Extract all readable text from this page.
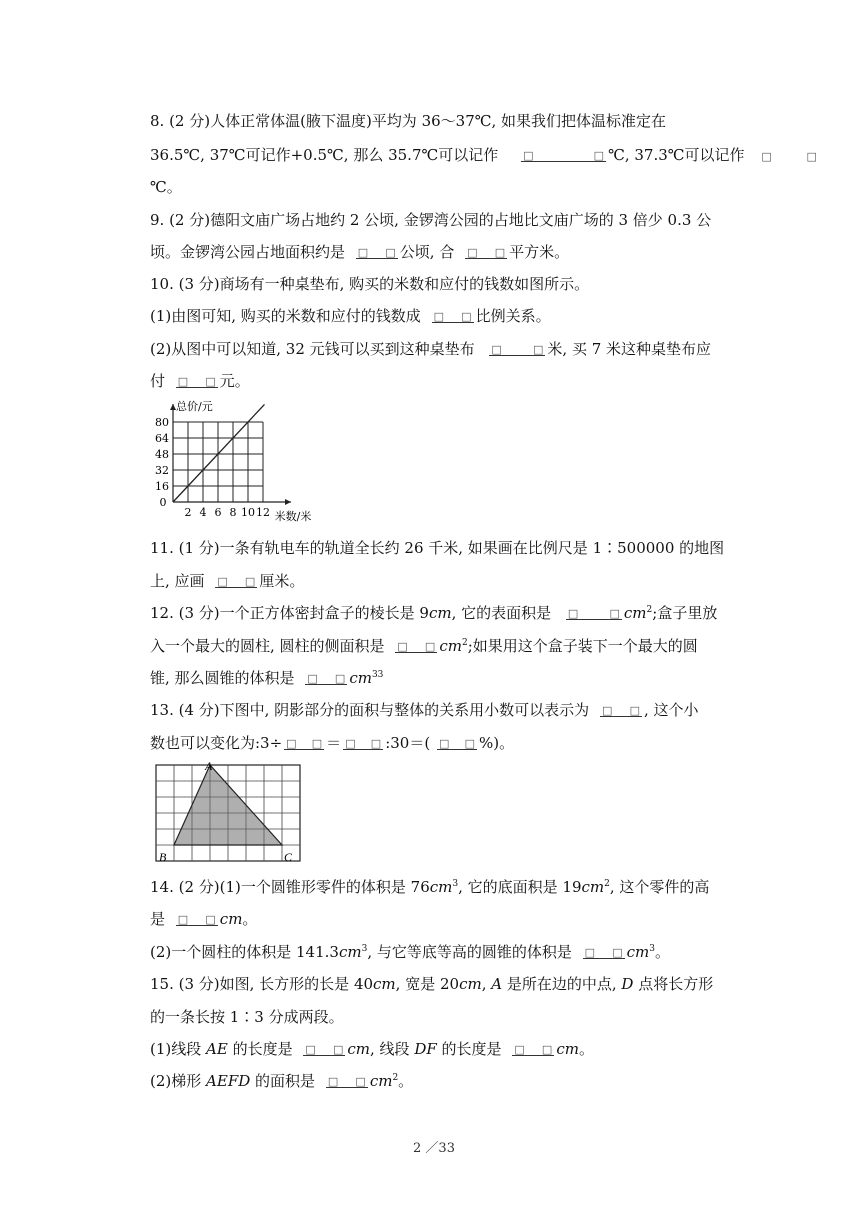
8. (2 分)人体正常体温(腋下温度)平均为 36～37℃, 如果我们把体温标准定在
36.5℃, 37℃可记作+0.5℃, 那么 35.7℃可以记作 □	□ ℃, 37.3℃可以记作 □	□
℃。
9. (2 分)德阳文庙广场占地约 2 公顷, 金锣湾公园的占地比文庙广场的 3 倍少 0.3 公
顷。金锣湾公园占地面积约是 □ □ 公顷, 合 □ □ 平方米。
10. (3 分)商场有一种桌垫布, 购买的米数和应付的钱数如图所示。
(1)由图可知, 购买的米数和应付的钱数成 □ □ 比例关系。
(2)从图中可以知道, 32 元钱可以买到这种桌垫布 □	□ 米, 买 7 米这种桌垫布应
付 □ □ 元。
2 4 6 8 10 12
16
32
48
64
80
0
总价/元
米数/米
11. (1 分)一条有轨电车的轨道全长约 26 千米, 如果画在比例尺是 1∶500000 的地图
上, 应画 □ □ 厘米。
12. (3 分)一个正方体密封盒子的棱长是 9cm, 它的表面积是 □	□ $cm^2$;盒子里放
入一个最大的圆柱, 圆柱的侧面积是 □ □ $cm^2$;如果用这个盒子装下一个最大的圆
锥, 那么圆锥的体积是 □ □ $cm^{33}$
13. (4 分)下图中, 阴影部分的面积与整体的关系用小数可以表示为 □ □ , 这个小
数也可以变化为:3÷ □ □ ＝ □ □ :30＝( □ □ %)。
A
B	C
14. (2 分)(1)一个圆锥形零件的体积是 $76cm^3$, 它的底面积是 $19cm^2$, 这个零件的高
是 □ □ cm。
(2)一个圆柱的体积是 $141.3cm^3$, 与它等底等高的圆锥的体积是 □ □ $cm^3$。
15. (3 分)如图, 长方形的长是 40cm, 宽是 20cm, A 是所在边的中点, D 点将长方形
的一条长按 1∶3 分成两段。
(1)线段 AE 的长度是 □ □ cm, 线段 DF 的长度是 □ □ cm。
(2)梯形 AEFD 的面积是 □ □ $cm^2$。
2 ／33
